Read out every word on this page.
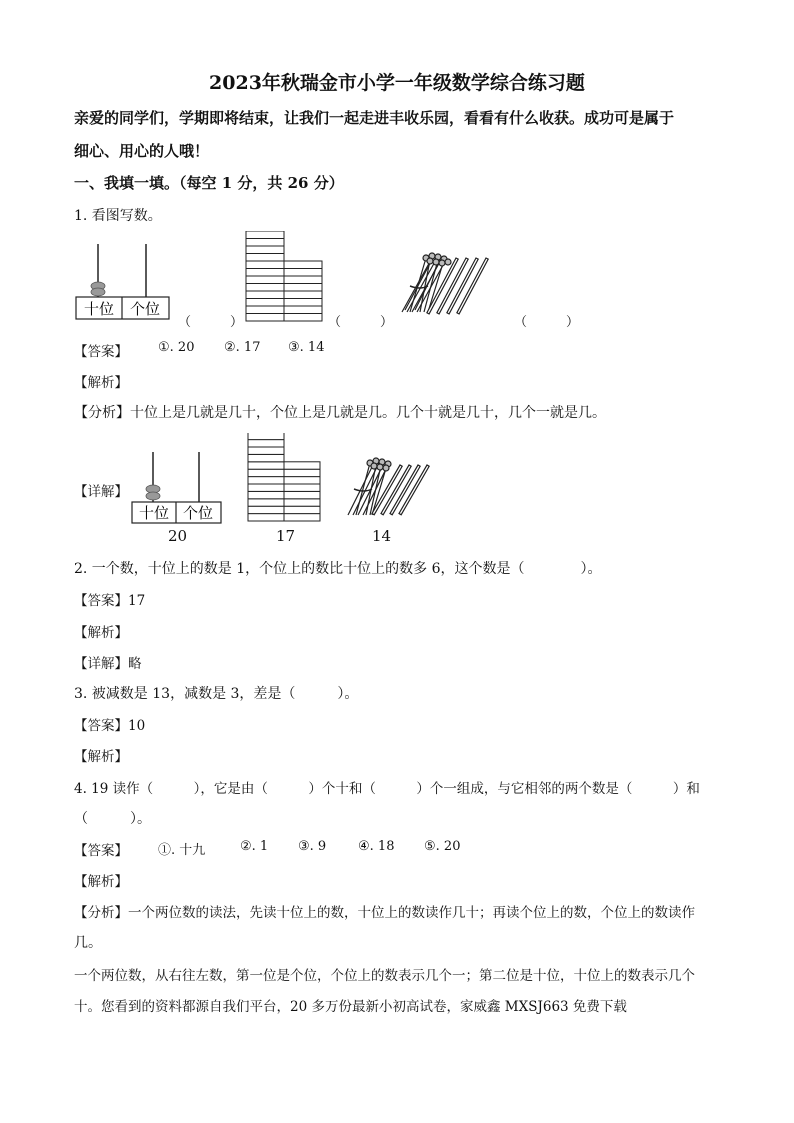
2023年秋瑞金市小学一年级数学综合练习题
亲爱的同学们，学期即将结束，让我们一起走进丰收乐园，看看有什么收获。成功可是属于
细心、用心的人哦！
一、我填一填。（每空 1 分，共 26 分）
1. 看图写数。
十位 个位
（　　　）	（　　　）	（　　　）
【答案】 ①. 20 ②. 17 ③. 14
【解析】
【分析】十位上是几就是几十，个位上是几就是几。几个十就是几十，几个一就是几。
【详解】
十位 个位
20	17	14
2. 一个数，十位上的数是 1，个位上的数比十位上的数多 6，这个数是（　　　　）。
【答案】17
【解析】
【详解】略
3. 被减数是 13，减数是 3，差是（　　　）。
【答案】10
【解析】
4. 19 读作（　　　），它是由（　　　）个十和（　　　）个一组成，与它相邻的两个数是（　　　）和
（　　　）。
【答案】 ①. 十九	②. 1 ③. 9 ④. 18 ⑤. 20
【解析】
【分析】一个两位数的读法，先读十位上的数，十位上的数读作几十；再读个位上的数，个位上的数读作
几。
一个两位数，从右往左数，第一位是个位，个位上的数表示几个一；第二位是十位，十位上的数表示几个
十。您看到的资料都源自我们平台，20 多万份最新小初高试卷，家威鑫 MXSJ663 免费下载
